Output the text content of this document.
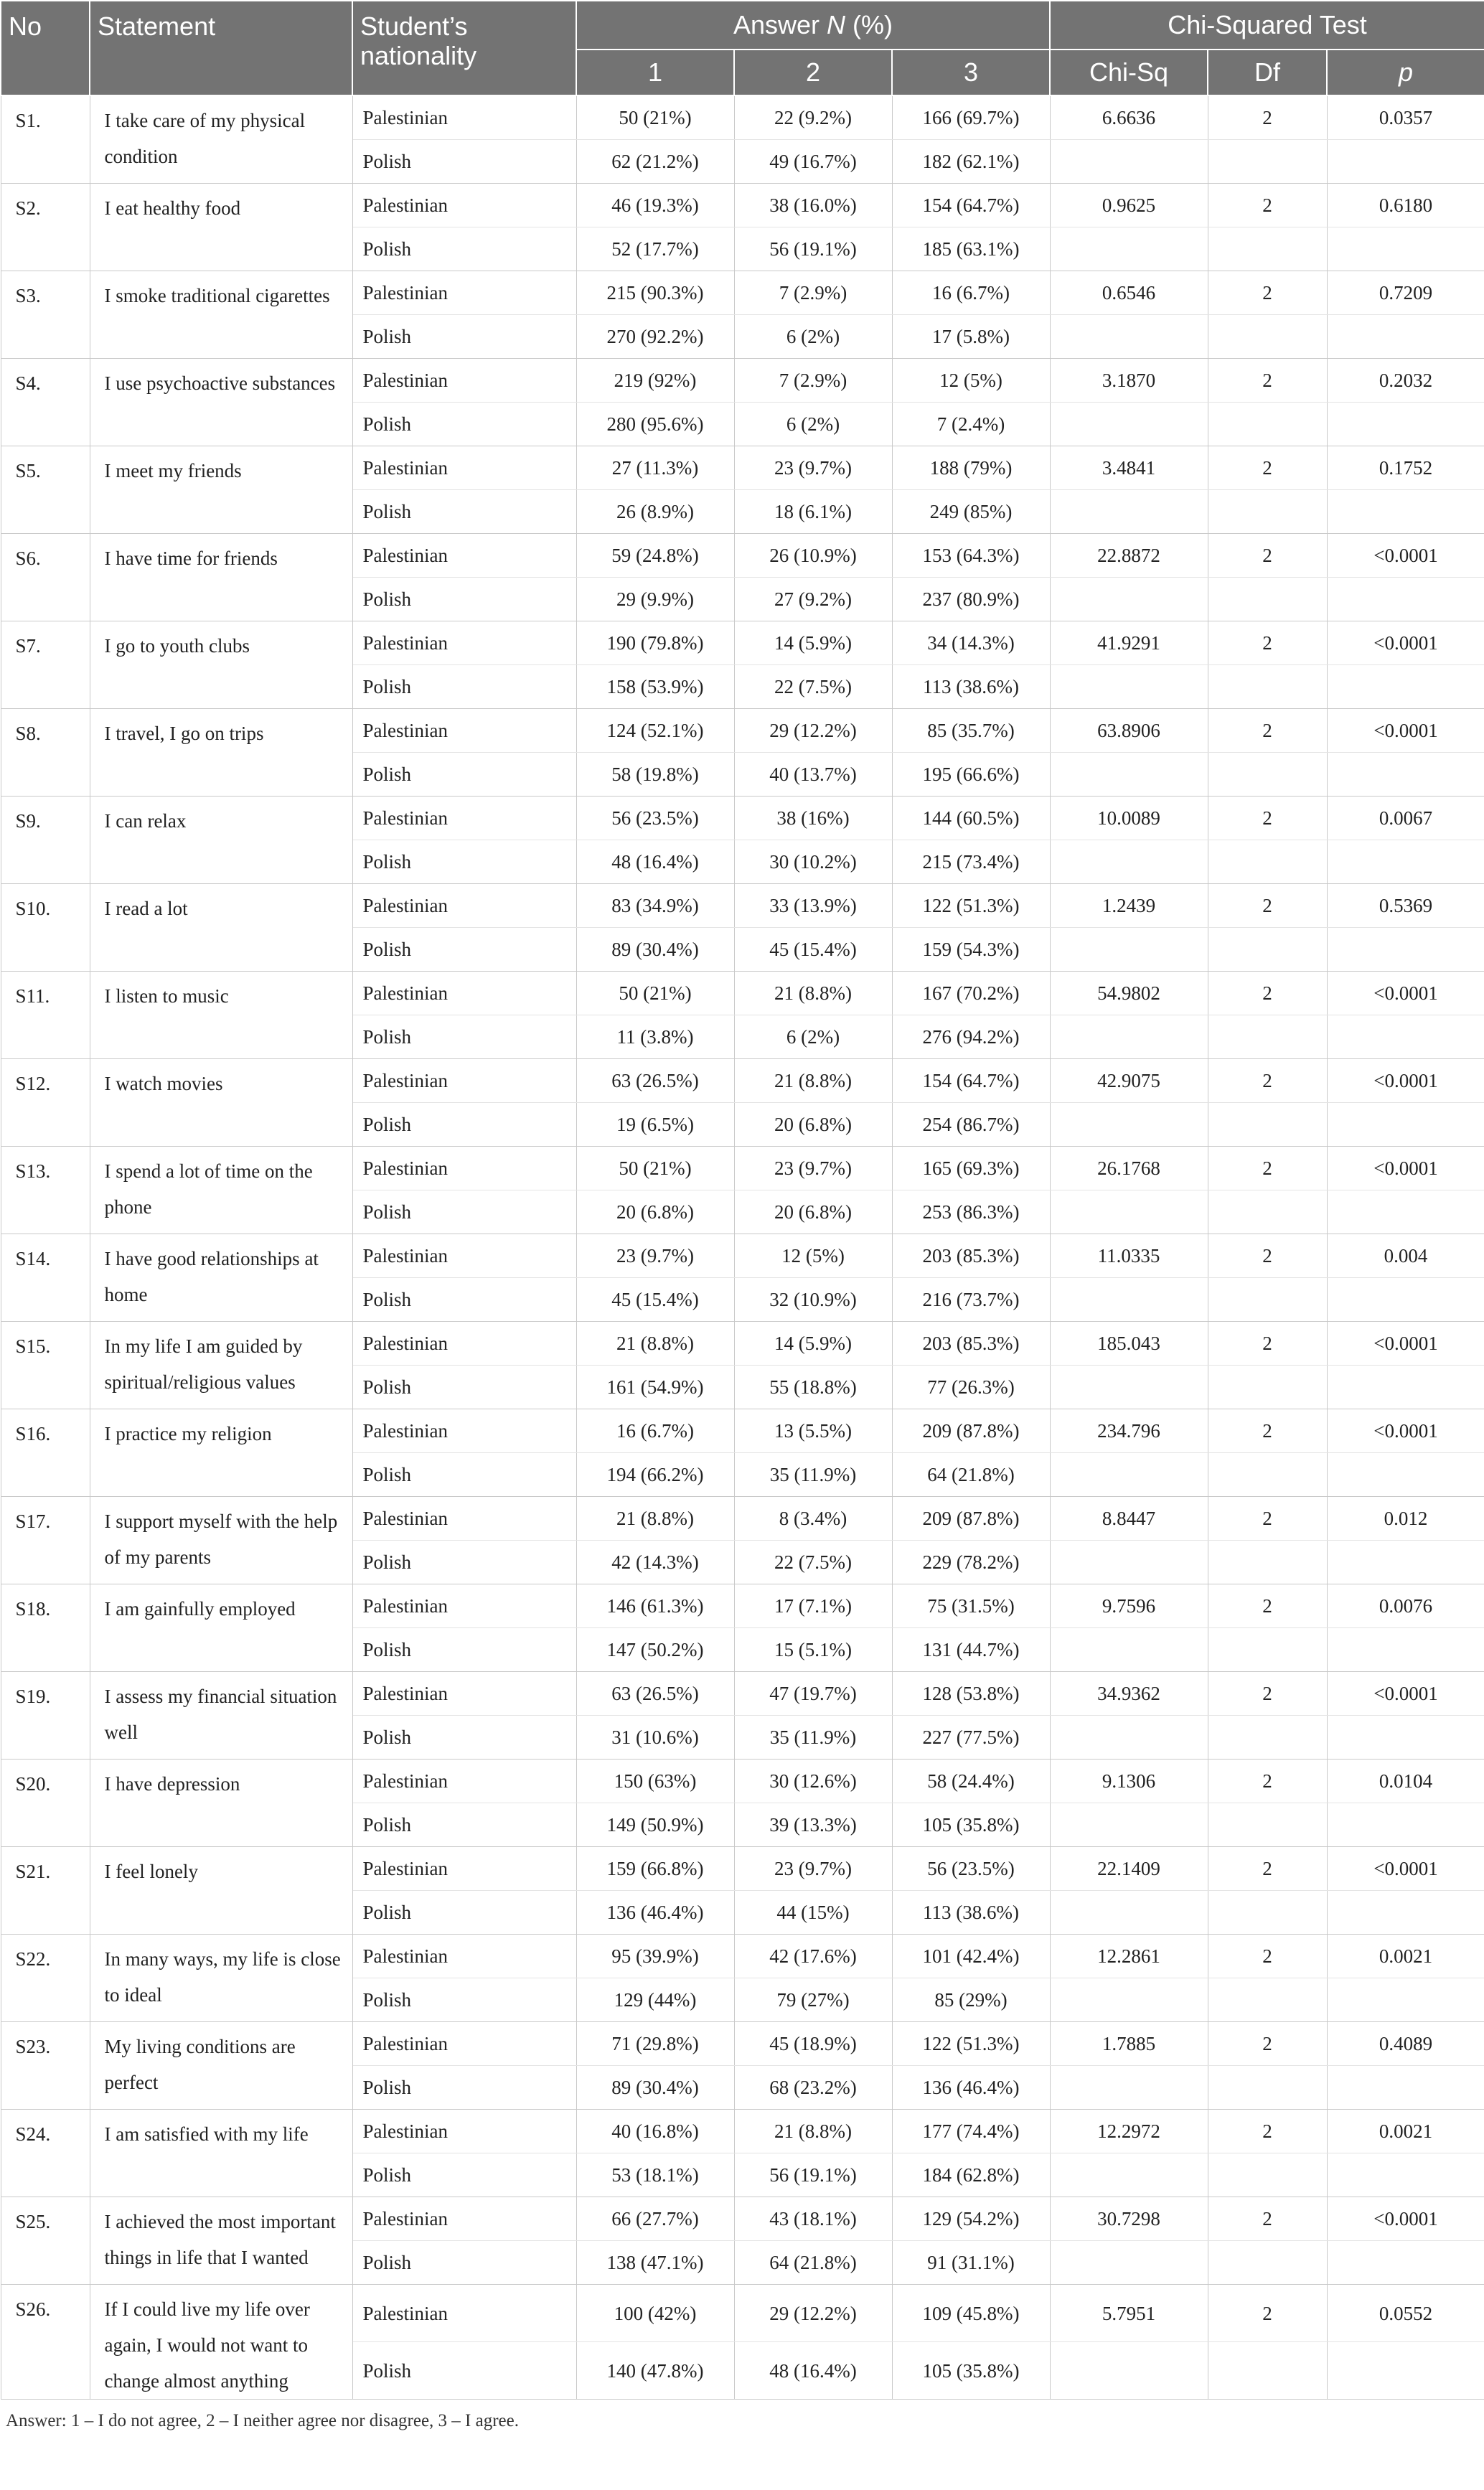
No	Statement	Student’s nationality	Answer N (%)			Chi-Squared Test		
			1	2	3	Chi-Sq	Df	p
S1.	I take care of my physical condition	Palestinian	50 (21%)	22 (9.2%)	166 (69.7%)	6.6636	2	0.0357
		Polish	62 (21.2%)	49 (16.7%)	182 (62.1%)			
S2.	I eat healthy food	Palestinian	46 (19.3%)	38 (16.0%)	154 (64.7%)	0.9625	2	0.6180
		Polish	52 (17.7%)	56 (19.1%)	185 (63.1%)			
S3.	I smoke traditional cigarettes	Palestinian	215 (90.3%)	7 (2.9%)	16 (6.7%)	0.6546	2	0.7209
		Polish	270 (92.2%)	6 (2%)	17 (5.8%)			
S4.	I use psychoactive substances	Palestinian	219 (92%)	7 (2.9%)	12 (5%)	3.1870	2	0.2032
		Polish	280 (95.6%)	6 (2%)	7 (2.4%)			
S5.	I meet my friends	Palestinian	27 (11.3%)	23 (9.7%)	188 (79%)	3.4841	2	0.1752
		Polish	26 (8.9%)	18 (6.1%)	249 (85%)			
S6.	I have time for friends	Palestinian	59 (24.8%)	26 (10.9%)	153 (64.3%)	22.8872	2	<0.0001
		Polish	29 (9.9%)	27 (9.2%)	237 (80.9%)			
S7.	I go to youth clubs	Palestinian	190 (79.8%)	14 (5.9%)	34 (14.3%)	41.9291	2	<0.0001
		Polish	158 (53.9%)	22 (7.5%)	113 (38.6%)			
S8.	I travel, I go on trips	Palestinian	124 (52.1%)	29 (12.2%)	85 (35.7%)	63.8906	2	<0.0001
		Polish	58 (19.8%)	40 (13.7%)	195 (66.6%)			
S9.	I can relax	Palestinian	56 (23.5%)	38 (16%)	144 (60.5%)	10.0089	2	0.0067
		Polish	48 (16.4%)	30 (10.2%)	215 (73.4%)			
S10.	I read a lot	Palestinian	83 (34.9%)	33 (13.9%)	122 (51.3%)	1.2439	2	0.5369
		Polish	89 (30.4%)	45 (15.4%)	159 (54.3%)			
S11.	I listen to music	Palestinian	50 (21%)	21 (8.8%)	167 (70.2%)	54.9802	2	<0.0001
		Polish	11 (3.8%)	6 (2%)	276 (94.2%)			
S12.	I watch movies	Palestinian	63 (26.5%)	21 (8.8%)	154 (64.7%)	42.9075	2	<0.0001
		Polish	19 (6.5%)	20 (6.8%)	254 (86.7%)			
S13.	I spend a lot of time on the phone	Palestinian	50 (21%)	23 (9.7%)	165 (69.3%)	26.1768	2	<0.0001
		Polish	20 (6.8%)	20 (6.8%)	253 (86.3%)			
S14.	I have good relationships at home	Palestinian	23 (9.7%)	12 (5%)	203 (85.3%)	11.0335	2	0.004
		Polish	45 (15.4%)	32 (10.9%)	216 (73.7%)			
S15.	In my life I am guided by spiritual/religious values	Palestinian	21 (8.8%)	14 (5.9%)	203 (85.3%)	185.043	2	<0.0001
		Polish	161 (54.9%)	55 (18.8%)	77 (26.3%)			
S16.	I practice my religion	Palestinian	16 (6.7%)	13 (5.5%)	209 (87.8%)	234.796	2	<0.0001
		Polish	194 (66.2%)	35 (11.9%)	64 (21.8%)			
S17.	I support myself with the help of my parents	Palestinian	21 (8.8%)	8 (3.4%)	209 (87.8%)	8.8447	2	0.012
		Polish	42 (14.3%)	22 (7.5%)	229 (78.2%)			
S18.	I am gainfully employed	Palestinian	146 (61.3%)	17 (7.1%)	75 (31.5%)	9.7596	2	0.0076
		Polish	147 (50.2%)	15 (5.1%)	131 (44.7%)			
S19.	I assess my financial situation well	Palestinian	63 (26.5%)	47 (19.7%)	128 (53.8%)	34.9362	2	<0.0001
		Polish	31 (10.6%)	35 (11.9%)	227 (77.5%)			
S20.	I have depression	Palestinian	150 (63%)	30 (12.6%)	58 (24.4%)	9.1306	2	0.0104
		Polish	149 (50.9%)	39 (13.3%)	105 (35.8%)			
S21.	I feel lonely	Palestinian	159 (66.8%)	23 (9.7%)	56 (23.5%)	22.1409	2	<0.0001
		Polish	136 (46.4%)	44 (15%)	113 (38.6%)			
S22.	In many ways, my life is close to ideal	Palestinian	95 (39.9%)	42 (17.6%)	101 (42.4%)	12.2861	2	0.0021
		Polish	129 (44%)	79 (27%)	85 (29%)			
S23.	My living conditions are perfect	Palestinian	71 (29.8%)	45 (18.9%)	122 (51.3%)	1.7885	2	0.4089
		Polish	89 (30.4%)	68 (23.2%)	136 (46.4%)			
S24.	I am satisfied with my life	Palestinian	40 (16.8%)	21 (8.8%)	177 (74.4%)	12.2972	2	0.0021
		Polish	53 (18.1%)	56 (19.1%)	184 (62.8%)			
S25.	I achieved the most important things in life that I wanted	Palestinian	66 (27.7%)	43 (18.1%)	129 (54.2%)	30.7298	2	<0.0001
		Polish	138 (47.1%)	64 (21.8%)	91 (31.1%)			
S26.	If I could live my life over again, I would not want to change almost anything	Palestinian	100 (42%)	29 (12.2%)	109 (45.8%)	5.7951	2	0.0552
		Polish	140 (47.8%)	48 (16.4%)	105 (35.8%)			
Answer: 1 – I do not agree, 2 – I neither agree nor disagree, 3 – I agree.
